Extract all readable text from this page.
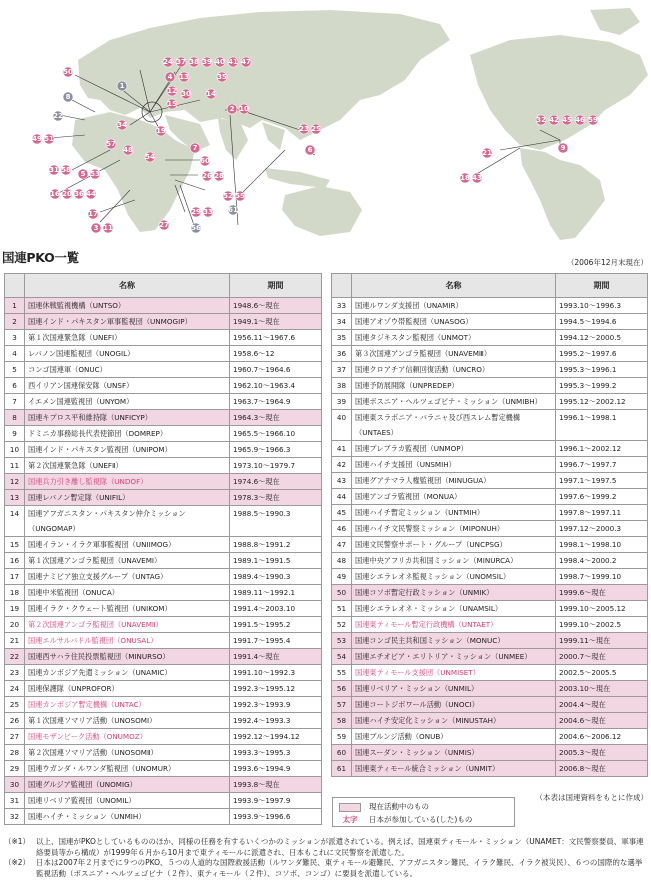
24 37 38 39 40 41 47
4 13	35
12 30
15
14
2 10
23 25
34
19
50
49 51
31 58 5 53
16 20 36 44
17
3 11	27
29 33
26 28
32 42 45 46 59
9
21
18 43
52 55
6
7
57
48
54	60
1
8
22
56
61
国連PKO一覧	（2006年12月末現在）
	名称	期間
1	国連休戦監視機構（UNTSO）	1948.6～現在
2	国連インド・パキスタン軍事監視団（UNMOGIP）	1949.1～現在
3	第１次国連緊急隊（UNEFⅠ）	1956.11～1967.6
4	レバノン国連監視団（UNOGIL）	1958.6～12
5	コンゴ国連軍（ONUC）	1960.7～1964.6
6	西イリアン国連保安隊（UNSF）	1962.10～1963.4
7	イエメン国連監視団（UNYOM）	1963.7～1964.9
8	国連キプロス平和維持隊（UNFICYP）	1964.3～現在
9	ドミニカ事務総長代表使節団（DOMREP）	1965.5～1966.10
10	国連インド・パキスタン監視団（UNIPOM）	1965.9～1966.3
11	第２次国連緊急隊（UNEFⅡ）	1973.10～1979.7
12	国連兵力引き離し監視隊（UNDOF）	1974.6～現在
13	国連レバノン暫定隊（UNIFIL）	1978.3～現在
14	国連アフガニスタン・パキスタン仲介ミッション（UNGOMAP）	1988.5～1990.3
15	国連イラン・イラク軍事監視団（UNIIMOG）	1988.8～1991.2
16	第１次国連アンゴラ監視団（UNAVEMⅠ）	1989.1～1991.5
17	国連ナミビア独立支援グループ（UNTAG）	1989.4～1990.3
18	国連中米監視団（ONUCA）	1989.11～1992.1
19	国連イラク・クウェート監視団（UNIKOM）	1991.4～2003.10
20	第２次国連アンゴラ監視団（UNAVEMⅡ）	1991.5～1995.2
21	国連エルサルバドル監視団（ONUSAL）	1991.7～1995.4
22	国連西サハラ住民投票監視団（MINURSO）	1991.4～現在
23	国連カンボジア先遣ミッション（UNAMIC）	1991.10～1992.3
24	国連保護隊（UNPROFOR）	1992.3～1995.12
25	国連カンボジア暫定機構（UNTAC）	1992.3～1993.9
26	第１次国連ソマリア活動（UNOSOMⅠ）	1992.4～1993.3
27	国連モザンビーク活動（ONUMOZ）	1992.12～1994.12
28	第２次国連ソマリア活動（UNOSOMⅡ）	1993.3～1995.3
29	国連ウガンダ・ルワンダ監視団（UNOMUR）	1993.6～1994.9
30	国連グルジア監視団（UNOMIG）	1993.8～現在
31	国連リベリア監視団（UNOMIL）	1993.9～1997.9
32	国連ハイチ・ミッション（UNMIH）	1993.9～1996.6
	名称	期間
33	国連ルワンダ支援団（UNAMIR）	1993.10～1996.3
34	国連アオゾウ帯監視団（UNASOG）	1994.5～1994.6
35	国連タジキスタン監視団（UNMOT）	1994.12～2000.5
36	第３次国連アンゴラ監視団（UNAVEMⅢ）	1995.2～1997.6
37	国連クロアチア信頼回復活動（UNCRO）	1995.3～1996.1
38	国連予防展開隊（UNPREDEP）	1995.3～1999.2
39	国連ボスニア・ヘルツェゴビナ・ミッション（UNMIBH）	1995.12～2002.12
40	国連東スラボニア・バラニャ及び西スレム暫定機構（UNTAES）	1996.1～1998.1
41	国連プレブラカ監視団（UNMOP）	1996.1～2002.12
42	国連ハイチ支援団（UNSMIH）	1996.7～1997.7
43	国連グアテマラ人権監視団（MINUGUA）	1997.1～1997.5
44	国連アンゴラ監視団（MONUA）	1997.6～1999.2
45	国連ハイチ暫定ミッション（UNTMIH）	1997.8～1997.11
46	国連ハイチ文民警察ミッション（MIPONUH）	1997.12～2000.3
47	国連文民警察サポート・グループ（UNCPSG）	1998.1～1998.10
48	国連中央アフリカ共和国ミッション（MINURCA）	1998.4～2000.2
49	国連シエラレオネ監視ミッション（UNOMSIL）	1998.7～1999.10
50	国連コソボ暫定行政ミッション（UNMIK）	1999.6～現在
51	国連シエラレオネ・ミッション（UNAMSIL）	1999.10～2005.12
52	国連東ティモール暫定行政機構（UNTAET）	1999.10～2002.5
53	国連コンゴ民主共和国ミッション（MONUC）	1999.11～現在
54	国連エチオピア・エリトリア・ミッション（UNMEE）	2000.7～現在
55	国連東ティモール支援団（UNMISET）	2002.5～2005.5
56	国連リベリア・ミッション（UNMIL）	2003.10～現在
57	国連コートジボワール活動（UNOCI）	2004.4～現在
58	国連ハイチ安定化ミッション（MINUSTAH）	2004.6～現在
59	国連ブルンジ活動（ONUB）	2004.6～2006.12
60	国連スーダン・ミッション（UNMIS）	2005.3～現在
61	国連東ティモール統合ミッション（UNMIT）	2006.8～現在
現在活動中のもの
太字	日本が参加している(した)もの
（本表は国連資料をもとに作成）
（※1） 以上、国連がPKOとしているもののほか、同様の任務を有するいくつかのミッションが派遣されている。例えば、国連東ティモール・ミッション（UNAMET：文民警察要員、軍事連絡要員等から構成）が1999年６月から10月まで東ティモールに派遣され、日本もこれに文民警察を派遣した。
（※2） 日本は2007年２月までに９つのPKO、５つの人道的な国際救援活動（ルワンダ難民、東ティモール避難民、アフガニスタン難民、イラク難民、イラク被災民）、６つの国際的な選挙監視活動（ボスニア・ヘルツェゴビナ（２件）、東ティモール（２件）、コソボ、コンゴ）に要員を派遣している。
